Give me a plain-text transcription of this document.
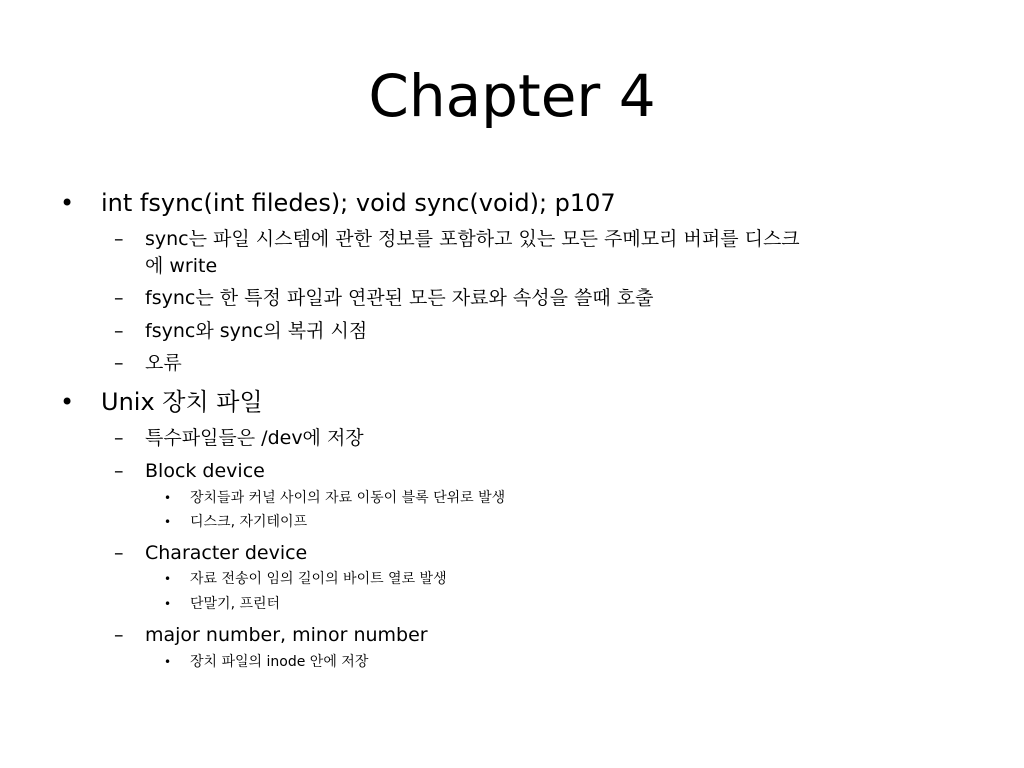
Chapter 4
• int fsync(int filedes); void sync(void); p107
– sync는 파일 시스템에 관한 정보를 포함하고 있는 모든 주메모리 버퍼를 디스크
에 write
– fsync는 한 특정 파일과 연관된 모든 자료와 속성을 쓸때 호출
– fsync와 sync의 복귀 시점
– 오류
• Unix 장치 파일
– 특수파일들은 /dev에 저장
– Block device
• 장치들과 커널 사이의 자료 이동이 블록 단위로 발생
• 디스크, 자기테이프
– Character device
• 자료 전송이 임의 길이의 바이트 열로 발생
• 단말기, 프린터
– major number, minor number
• 장치 파일의 inode 안에 저장
